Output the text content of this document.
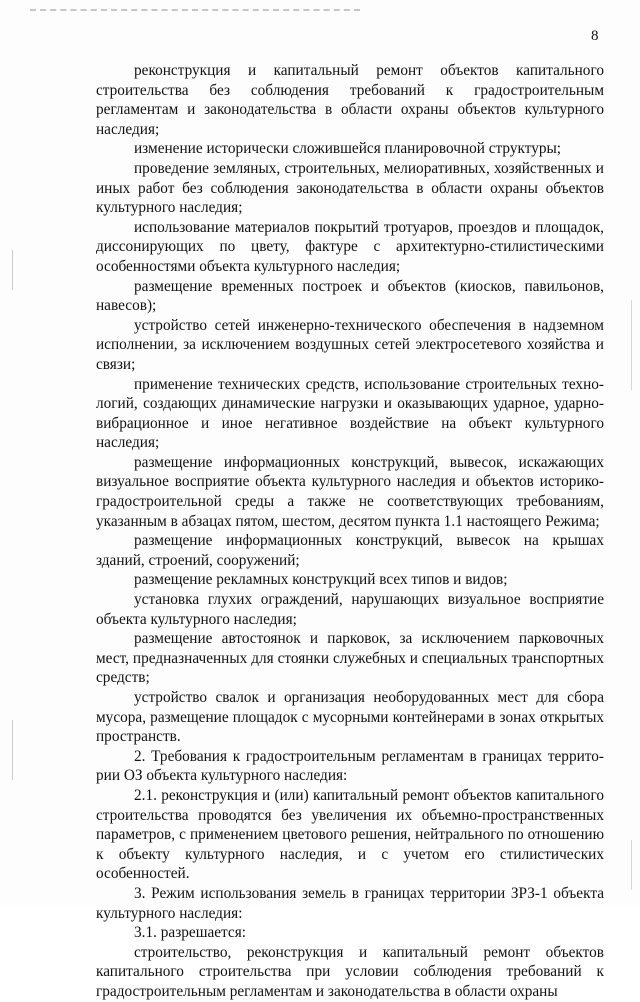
8

реконструкция и капитальный ремонт объектов капитального строительства без соблюдения требований к градостроительным регламентам и законодательства в области охраны объектов культурного наследия;

изменение исторически сложившейся планировочной структуры;

проведение земляных, строительных, мелиоративных, хозяйственных и иных работ без соблюдения законодательства в области охраны объектов культурного наследия;

использование материалов покрытий тротуаров, проездов и площадок, диссонирующих по цвету, фактуре с архитектурно-стилистическими особенностями объекта культурного наследия;

размещение временных построек и объектов (киосков, павильонов, навесов);

устройство сетей инженерно-технического обеспечения в надземном исполнении, за исключением воздушных сетей электросетевого хозяйства и связи;

применение технических средств, использование строительных техно-логий, создающих динамические нагрузки и оказывающих ударное, ударно-вибрационное и иное негативное воздействие на объект культурного наследия;

размещение информационных конструкций, вывесок, искажающих визуальное восприятие объекта культурного наследия и объектов историко-градостроительной среды а также не соответствующих требованиям, указанным в абзацах пятом, шестом, десятом пункта 1.1 настоящего Режима;

размещение информационных конструкций, вывесок на крышах зданий, строений, сооружений;

размещение рекламных конструкций всех типов и видов;

установка глухих ограждений, нарушающих визуальное восприятие объекта культурного наследия;

размещение автостоянок и парковок, за исключением парковочных мест, предназначенных для стоянки служебных и специальных транспортных средств;

устройство свалок и организация необорудованных мест для сбора мусора, размещение площадок с мусорными контейнерами в зонах открытых пространств.

2. Требования к градостроительным регламентам в границах террито-рии ОЗ объекта культурного наследия:

2.1. реконструкция и (или) капитальный ремонт объектов капитального строительства проводятся без увеличения их объемно-пространственных параметров, с применением цветового решения, нейтрального по отношению к объекту культурного наследия, и с учетом его стилистических особенностей.

3. Режим использования земель в границах территории ЗРЗ-1 объекта культурного наследия:

3.1. разрешается:

строительство, реконструкция и капитальный ремонт объектов капитального строительства при условии соблюдения требований к градостроительным регламентам и законодательства в области охраны
